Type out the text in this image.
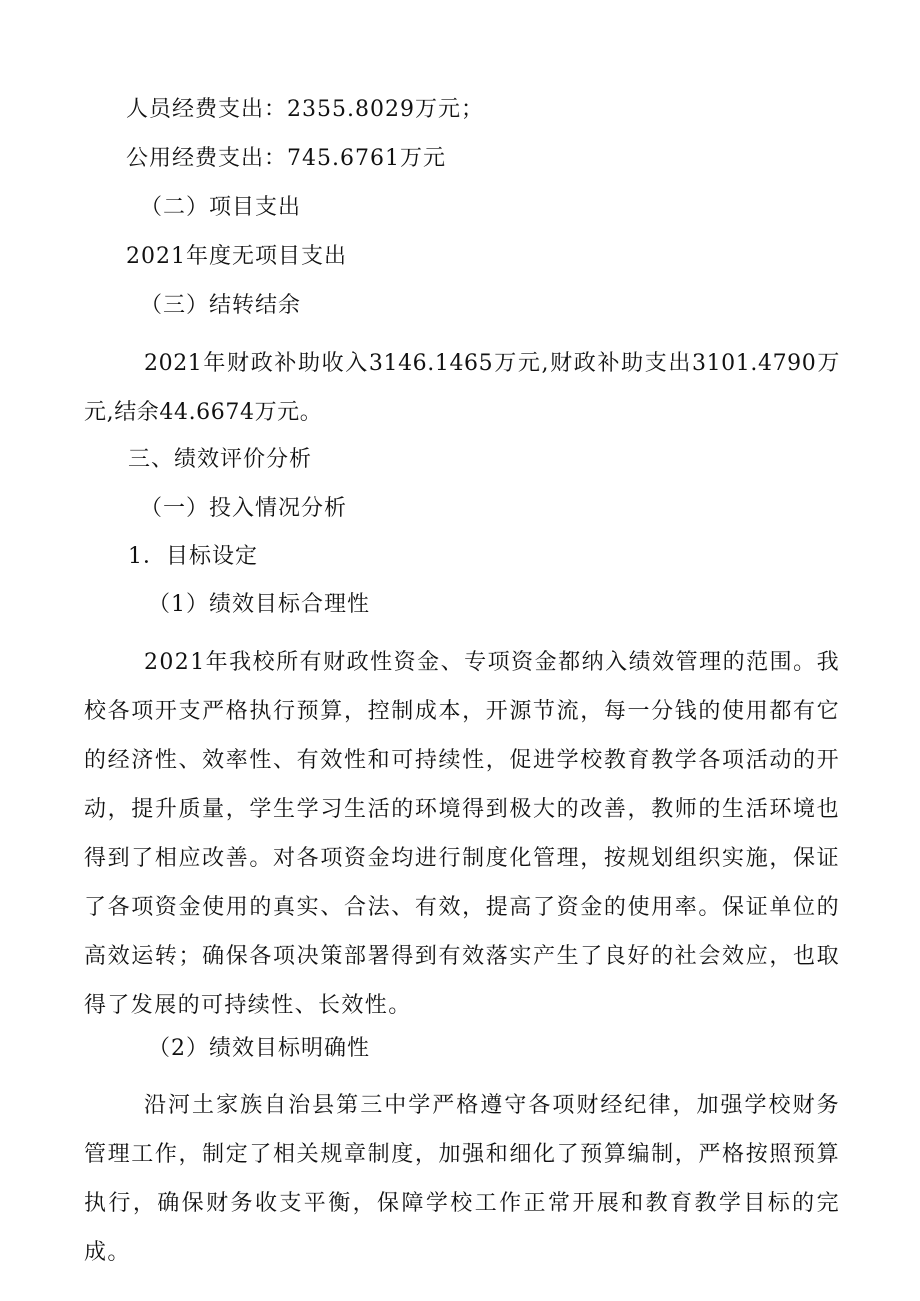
人员经费支出：2355.8029万元；
公用经费支出：745.6761万元
（二）项目支出
2021年度无项目支出
（三）结转结余
2021年财政补助收入3146.1465万元,财政补助支出3101.4790万元,结余44.6674万元。
三、绩效评价分析
（一）投入情况分析
1．目标设定
（1）绩效目标合理性
2021年我校所有财政性资金、专项资金都纳入绩效管理的范围。我校各项开支严格执行预算，控制成本，开源节流，每一分钱的使用都有它的经济性、效率性、有效性和可持续性，促进学校教育教学各项活动的开动，提升质量，学生学习生活的环境得到极大的改善，教师的生活环境也得到了相应改善。对各项资金均进行制度化管理，按规划组织实施，保证了各项资金使用的真实、合法、有效，提高了资金的使用率。保证单位的高效运转；确保各项决策部署得到有效落实产生了良好的社会效应，也取得了发展的可持续性、长效性。
（2）绩效目标明确性
沿河土家族自治县第三中学严格遵守各项财经纪律，加强学校财务管理工作，制定了相关规章制度，加强和细化了预算编制，严格按照预算执行，确保财务收支平衡，保障学校工作正常开展和教育教学目标的完成。
